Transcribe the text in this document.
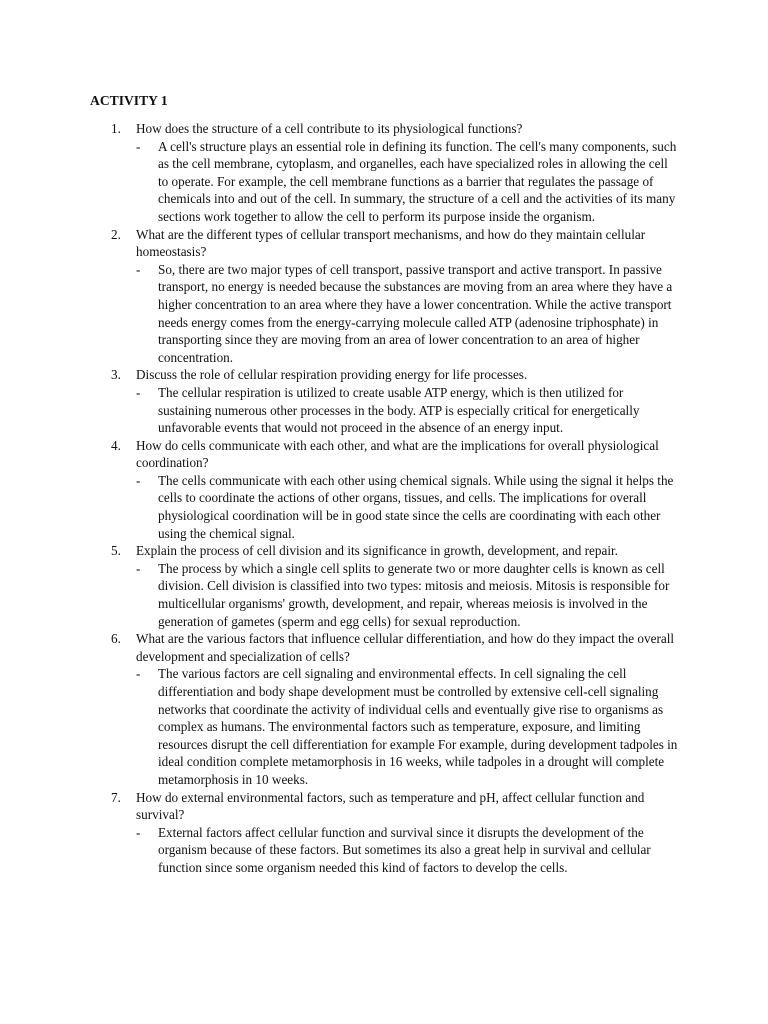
ACTIVITY 1
1. How does the structure of a cell contribute to its physiological functions?
- A cell's structure plays an essential role in defining its function. The cell's many components, such as the cell membrane, cytoplasm, and organelles, each have specialized roles in allowing the cell to operate. For example, the cell membrane functions as a barrier that regulates the passage of chemicals into and out of the cell. In summary, the structure of a cell and the activities of its many sections work together to allow the cell to perform its purpose inside the organism.
2. What are the different types of cellular transport mechanisms, and how do they maintain cellular homeostasis?
- So, there are two major types of cell transport, passive transport and active transport. In passive transport, no energy is needed because the substances are moving from an area where they have a higher concentration to an area where they have a lower concentration. While the active transport needs energy comes from the energy-carrying molecule called ATP (adenosine triphosphate) in transporting since they are moving from an area of lower concentration to an area of higher concentration.
3. Discuss the role of cellular respiration providing energy for life processes.
- The cellular respiration is utilized to create usable ATP energy, which is then utilized for sustaining numerous other processes in the body. ATP is especially critical for energetically unfavorable events that would not proceed in the absence of an energy input.
4. How do cells communicate with each other, and what are the implications for overall physiological coordination?
- The cells communicate with each other using chemical signals. While using the signal it helps the cells to coordinate the actions of other organs, tissues, and cells. The implications for overall physiological coordination will be in good state since the cells are coordinating with each other using the chemical signal.
5. Explain the process of cell division and its significance in growth, development, and repair.
- The process by which a single cell splits to generate two or more daughter cells is known as cell division. Cell division is classified into two types: mitosis and meiosis. Mitosis is responsible for multicellular organisms' growth, development, and repair, whereas meiosis is involved in the generation of gametes (sperm and egg cells) for sexual reproduction.
6. What are the various factors that influence cellular differentiation, and how do they impact the overall development and specialization of cells?
- The various factors are cell signaling and environmental effects. In cell signaling the cell differentiation and body shape development must be controlled by extensive cell-cell signaling networks that coordinate the activity of individual cells and eventually give rise to organisms as complex as humans. The environmental factors such as temperature, exposure, and limiting resources disrupt the cell differentiation for example For example, during development tadpoles in ideal condition complete metamorphosis in 16 weeks, while tadpoles in a drought will complete metamorphosis in 10 weeks.
7. How do external environmental factors, such as temperature and pH, affect cellular function and survival?
- External factors affect cellular function and survival since it disrupts the development of the organism because of these factors. But sometimes its also a great help in survival and cellular function since some organism needed this kind of factors to develop the cells.
